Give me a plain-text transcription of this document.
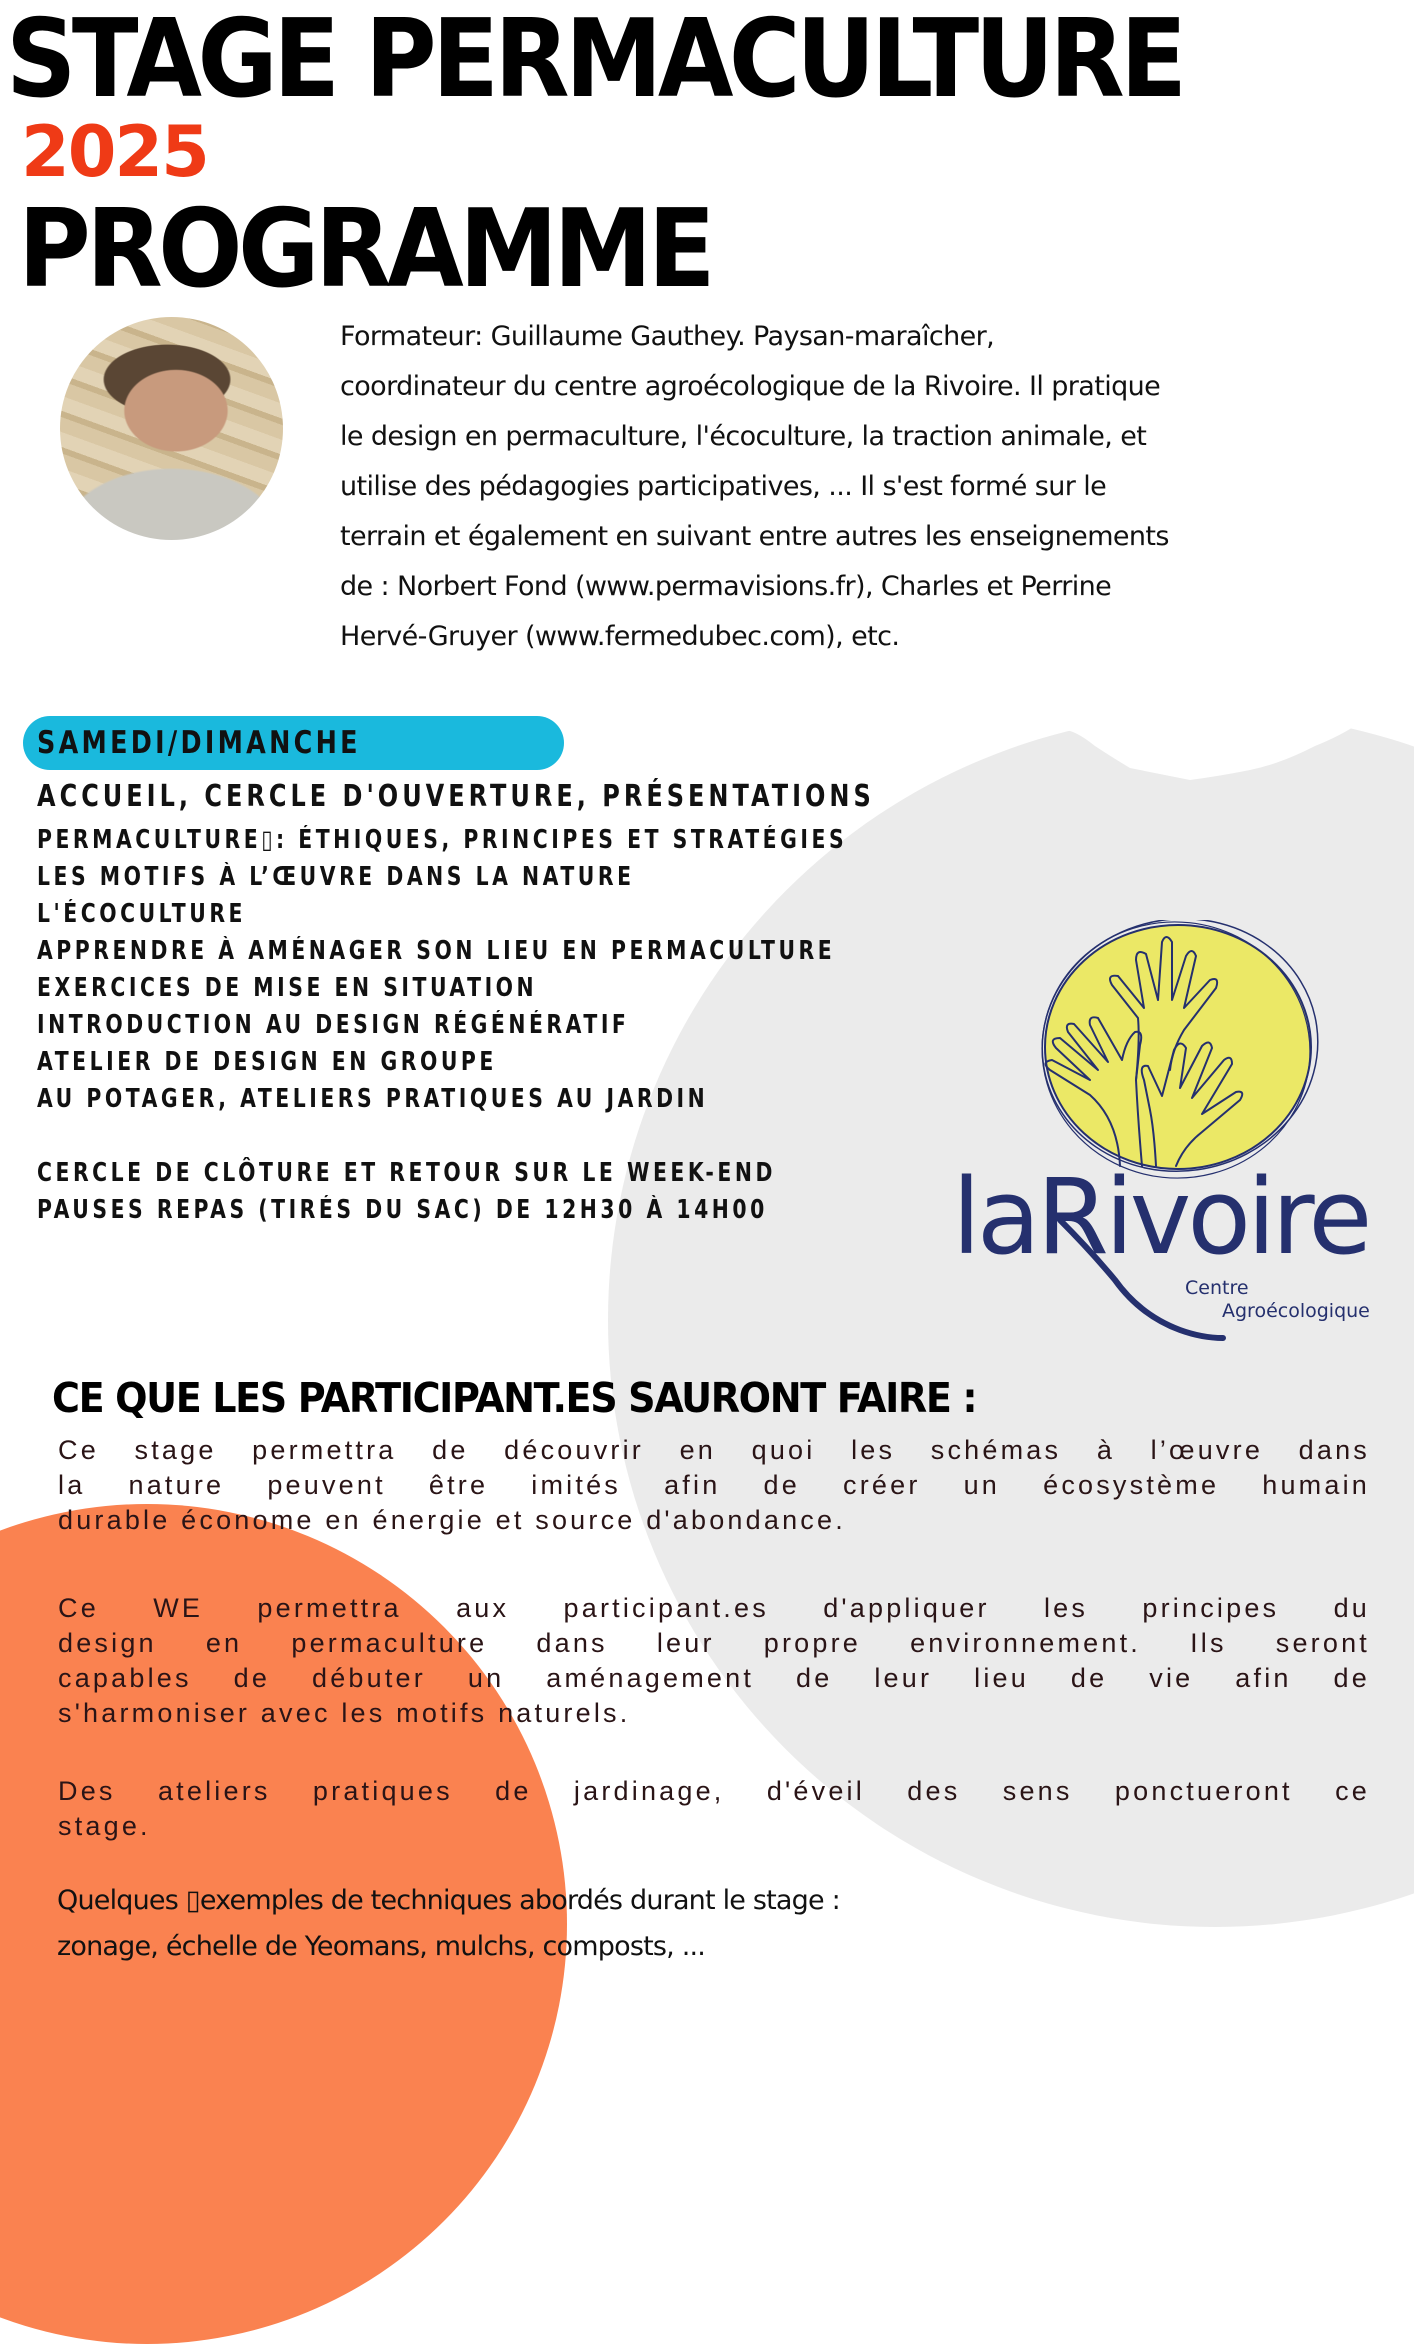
STAGE PERMACULTURE
2025
PROGRAMME
Formateur: Guillaume Gauthey. Paysan-maraîcher,
coordinateur du centre agroécologique de la Rivoire. Il pratique
le design en permaculture, l'écoculture, la traction animale, et
utilise des pédagogies participatives, ... Il s'est formé sur le
terrain et également en suivant entre autres les enseignements
de : Norbert Fond (www.permavisions.fr), Charles et Perrine
Hervé-Gruyer (www.fermedubec.com), etc.
SAMEDI/DIMANCHE
ACCUEIL, CERCLE D'OUVERTURE, PRÉSENTATIONS
PERMACULTURE▯: ÉTHIQUES, PRINCIPES ET STRATÉGIES
LES MOTIFS À L’ŒUVRE DANS LA NATURE
L'ÉCOCULTURE
APPRENDRE À AMÉNAGER SON LIEU EN PERMACULTURE
EXERCICES DE MISE EN SITUATION
INTRODUCTION AU DESIGN RÉGÉNÉRATIF
ATELIER DE DESIGN EN GROUPE
AU POTAGER, ATELIERS PRATIQUES AU JARDIN
CERCLE DE CLÔTURE ET RETOUR SUR LE WEEK-END
PAUSES REPAS (TIRÉS DU SAC) DE 12H30 À 14H00 laRivoire
Centre
Agroécologique
CE QUE LES PARTICIPANT.ES SAURONT FAIRE :
Ce stage permettra de découvrir en quoi les schémas à l’œuvre dans
la nature peuvent être imités afin de créer un écosystème humain
durable économe en énergie et source d'abondance.
Ce WE permettra aux participant.es d'appliquer les principes du
design en permaculture dans leur propre environnement. Ils seront
capables de débuter un aménagement de leur lieu de vie afin de
s'harmoniser avec les motifs naturels.
Des ateliers pratiques de jardinage, d'éveil des sens ponctueront ce
stage.
Quelques ▯exemples de techniques abordés durant le stage :
zonage, échelle de Yeomans, mulchs, composts, ...
